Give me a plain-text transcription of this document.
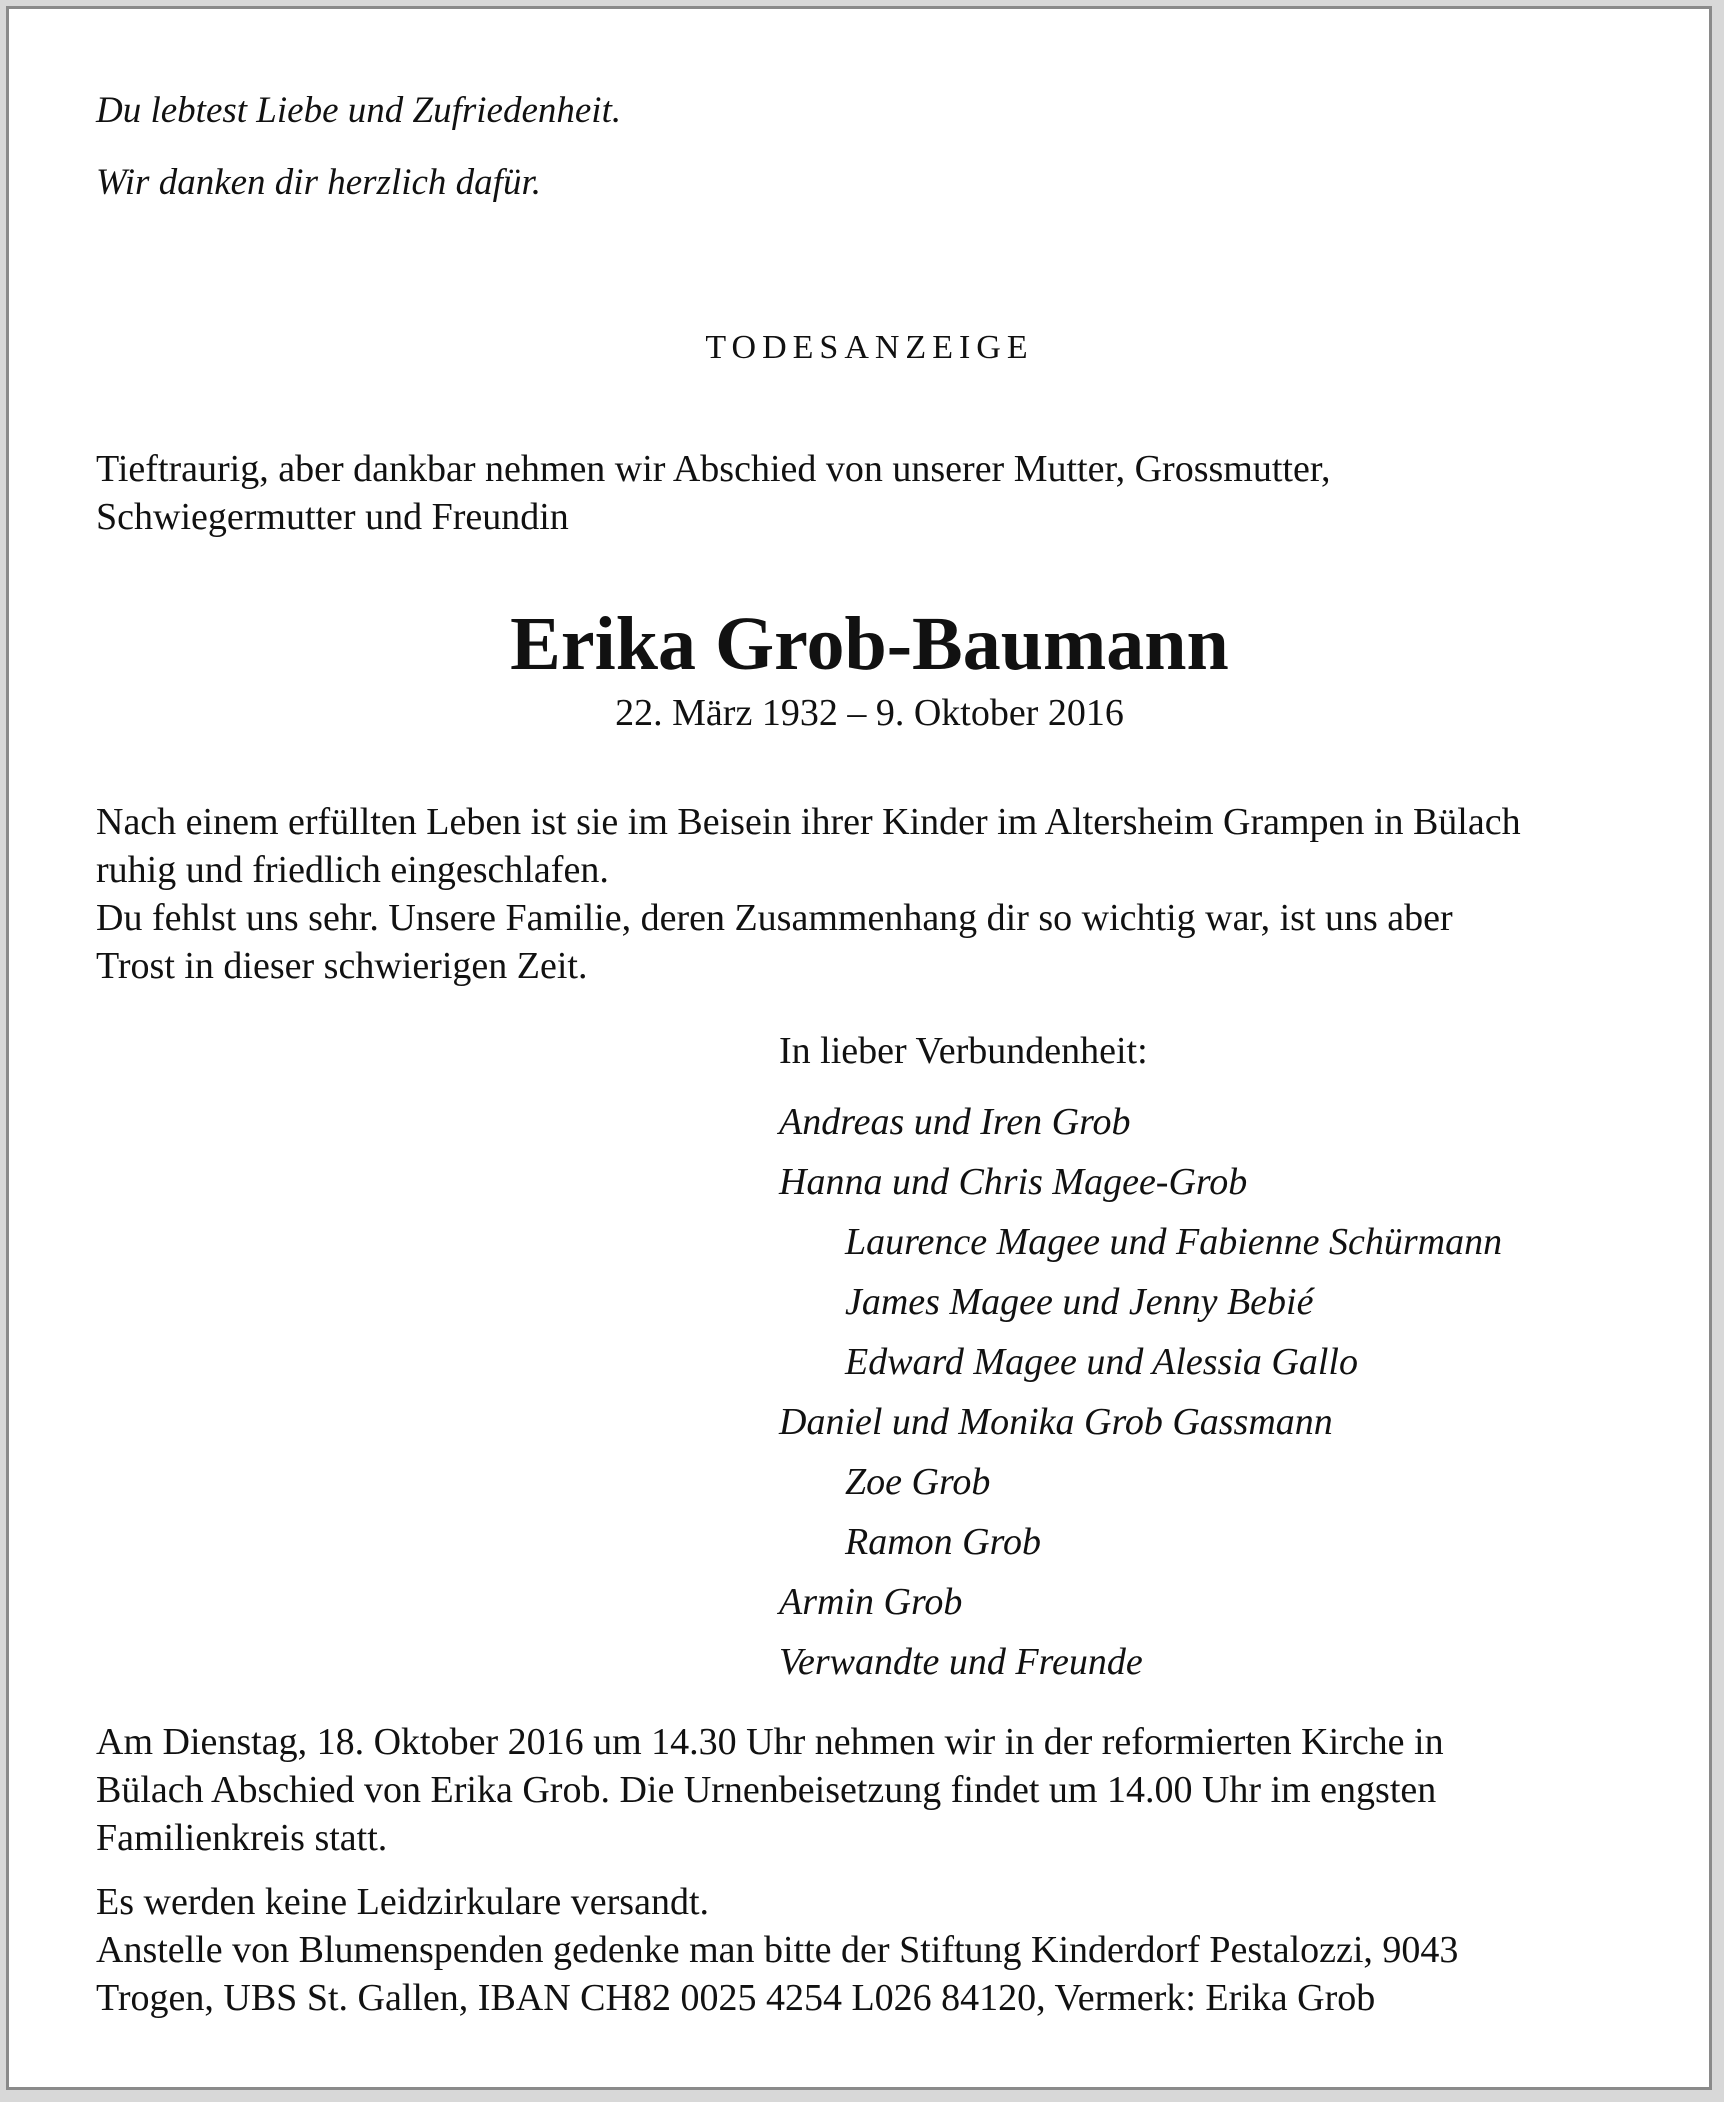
Du lebtest Liebe und Zufriedenheit.
Wir danken dir herzlich dafür.
TODESANZEIGE
Tieftraurig, aber dankbar nehmen wir Abschied von unserer Mutter, Grossmutter,
Schwiegermutter und Freundin
Erika Grob-Baumann
22. März 1932 – 9. Oktober 2016
Nach einem erfüllten Leben ist sie im Beisein ihrer Kinder im Altersheim Grampen in Bülach
ruhig und friedlich eingeschlafen.
Du fehlst uns sehr. Unsere Familie, deren Zusammenhang dir so wichtig war, ist uns aber
Trost in dieser schwierigen Zeit.
In lieber Verbundenheit:
Andreas und Iren Grob
Hanna und Chris Magee-Grob
Laurence Magee und Fabienne Schürmann
James Magee und Jenny Bebié
Edward Magee und Alessia Gallo
Daniel und Monika Grob Gassmann
Zoe Grob
Ramon Grob
Armin Grob
Verwandte und Freunde
Am Dienstag, 18. Oktober 2016 um 14.30 Uhr nehmen wir in der reformierten Kirche in
Bülach Abschied von Erika Grob. Die Urnenbeisetzung findet um 14.00 Uhr im engsten
Familienkreis statt.
Es werden keine Leidzirkulare versandt.
Anstelle von Blumenspenden gedenke man bitte der Stiftung Kinderdorf Pestalozzi, 9043
Trogen, UBS St. Gallen, IBAN CH82 0025 4254 L026 84120, Vermerk: Erika Grob
